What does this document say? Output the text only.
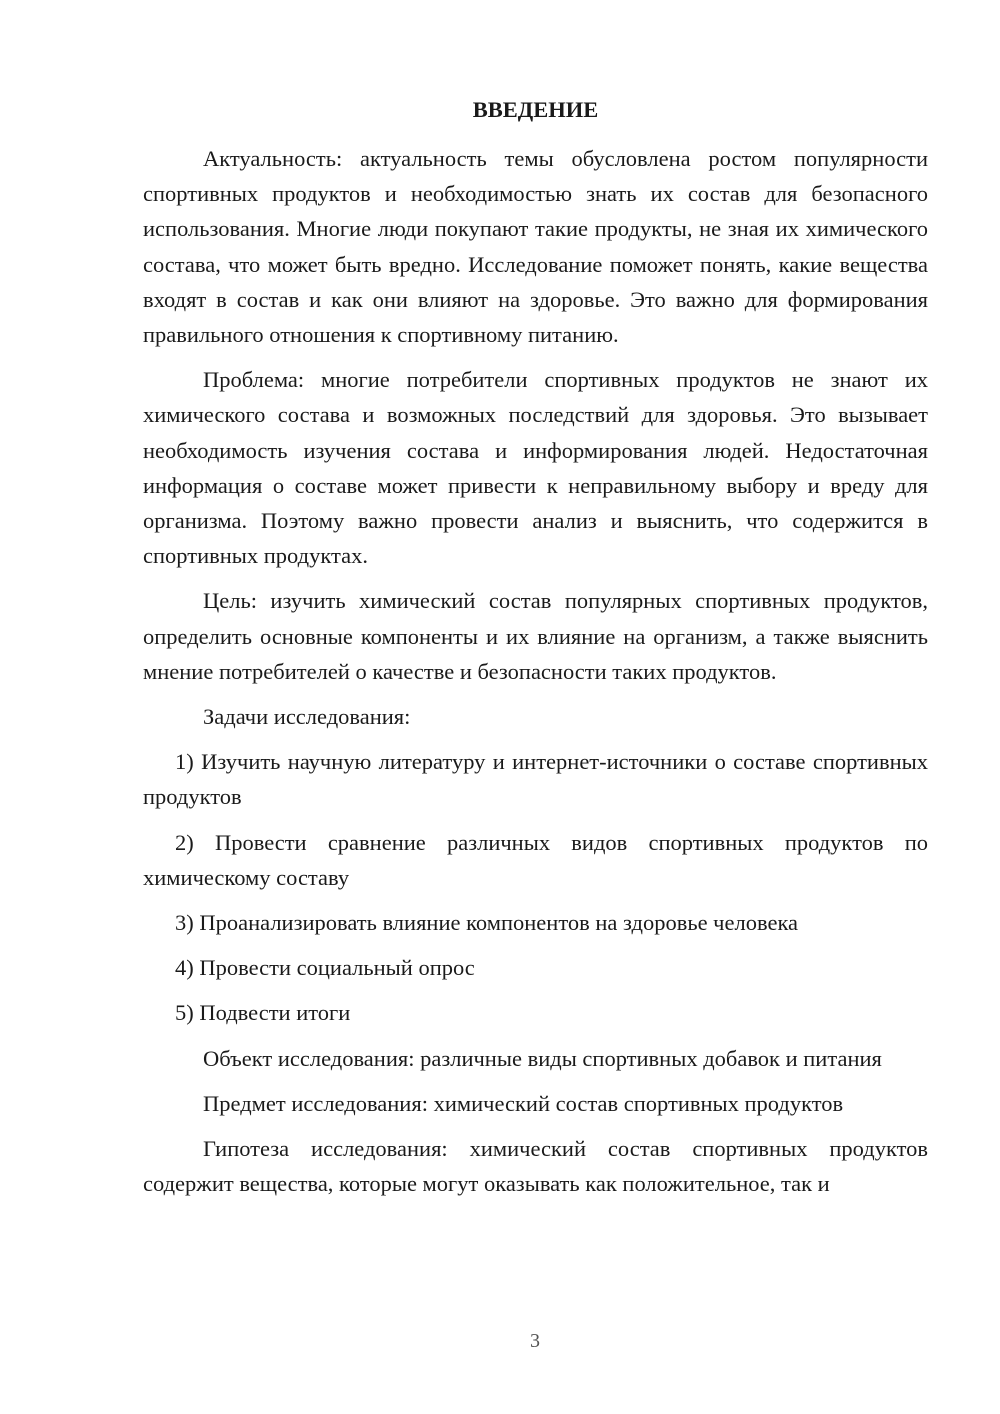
ВВЕДЕНИЕ

Актуальность: актуальность темы обусловлена ростом популярности спортивных продуктов и необходимостью знать их состав для безопасного использования. Многие люди покупают такие продукты, не зная их химического состава, что может быть вредно. Исследование поможет понять, какие вещества входят в состав и как они влияют на здоровье. Это важно для формирования правильного отношения к спортивному питанию.

Проблема: многие потребители спортивных продуктов не знают их химического состава и возможных последствий для здоровья. Это вызывает необходимость изучения состава и информирования людей. Недостаточная информация о составе может привести к неправильному выбору и вреду для организма. Поэтому важно провести анализ и выяснить, что содержится в спортивных продуктах.

Цель: изучить химический состав популярных спортивных продуктов, определить основные компоненты и их влияние на организм, а также выяснить мнение потребителей о качестве и безопасности таких продуктов.

Задачи исследования:

1) Изучить научную литературу и интернет-источники о составе спортивных продуктов

2) Провести сравнение различных видов спортивных продуктов по химическому составу

3) Проанализировать влияние компонентов на здоровье человека

4) Провести социальный опрос

5) Подвести итоги

Объект исследования: различные виды спортивных добавок и питания

Предмет исследования: химический состав спортивных продуктов

Гипотеза исследования: химический состав спортивных продуктов содержит вещества, которые могут оказывать как положительное, так и

3
